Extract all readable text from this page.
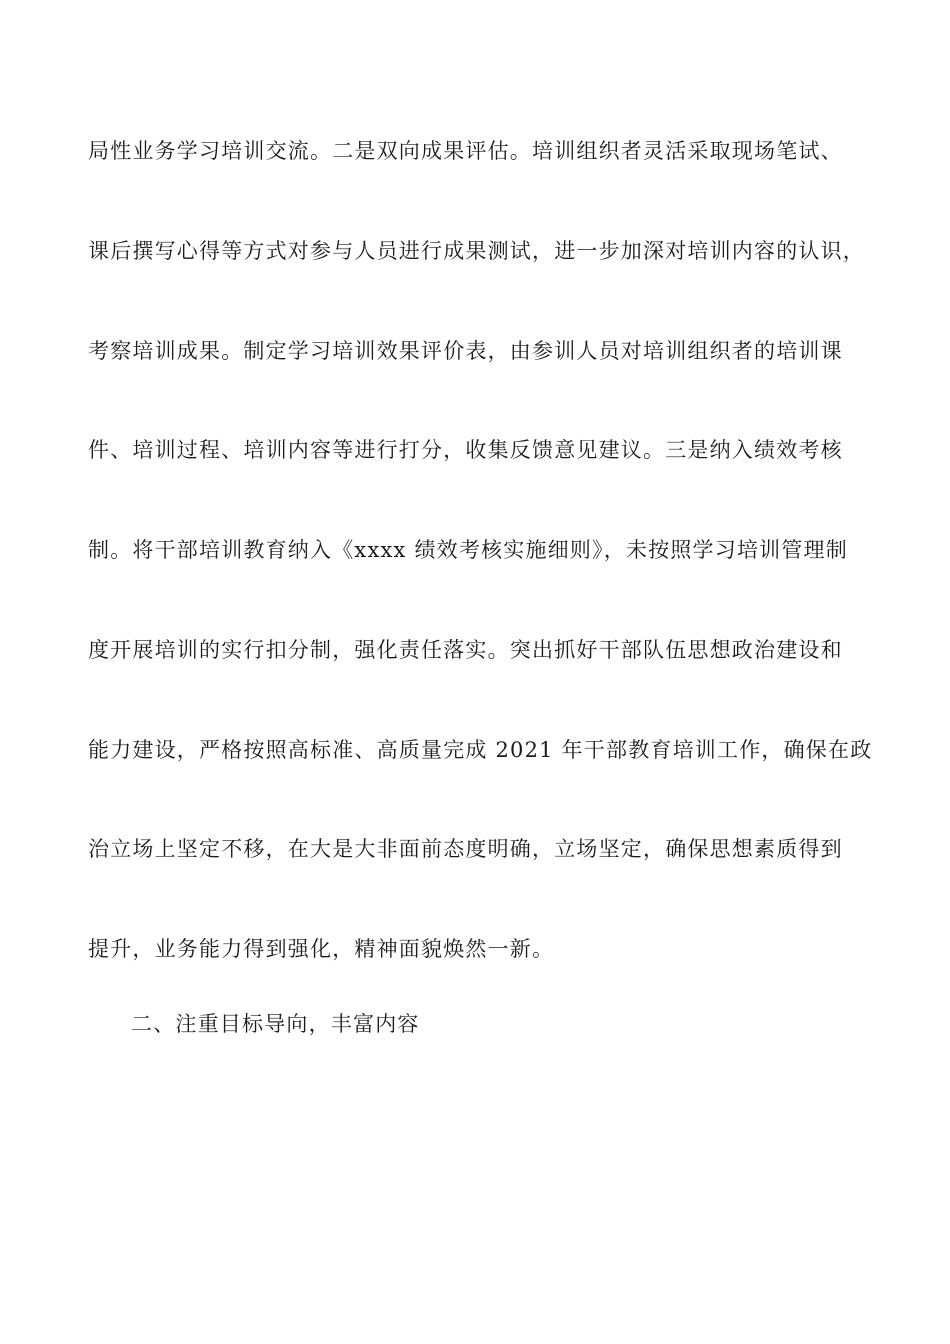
局性业务学习培训交流。二是双向成果评估。培训组织者灵活采取现场笔试、
课后撰写心得等方式对参与人员进行成果测试，进一步加深对培训内容的认识，
考察培训成果。制定学习培训效果评价表，由参训人员对培训组织者的培训课
件、培训过程、培训内容等进行打分，收集反馈意见建议。三是纳入绩效考核
制。将干部培训教育纳入《xxxx 绩效考核实施细则》，未按照学习培训管理制
度开展培训的实行扣分制，强化责任落实。突出抓好干部队伍思想政治建设和
能力建设，严格按照高标准、高质量完成 2021 年干部教育培训工作，确保在政
治立场上坚定不移，在大是大非面前态度明确，立场坚定，确保思想素质得到
提升，业务能力得到强化，精神面貌焕然一新。
二、注重目标导向，丰富内容
